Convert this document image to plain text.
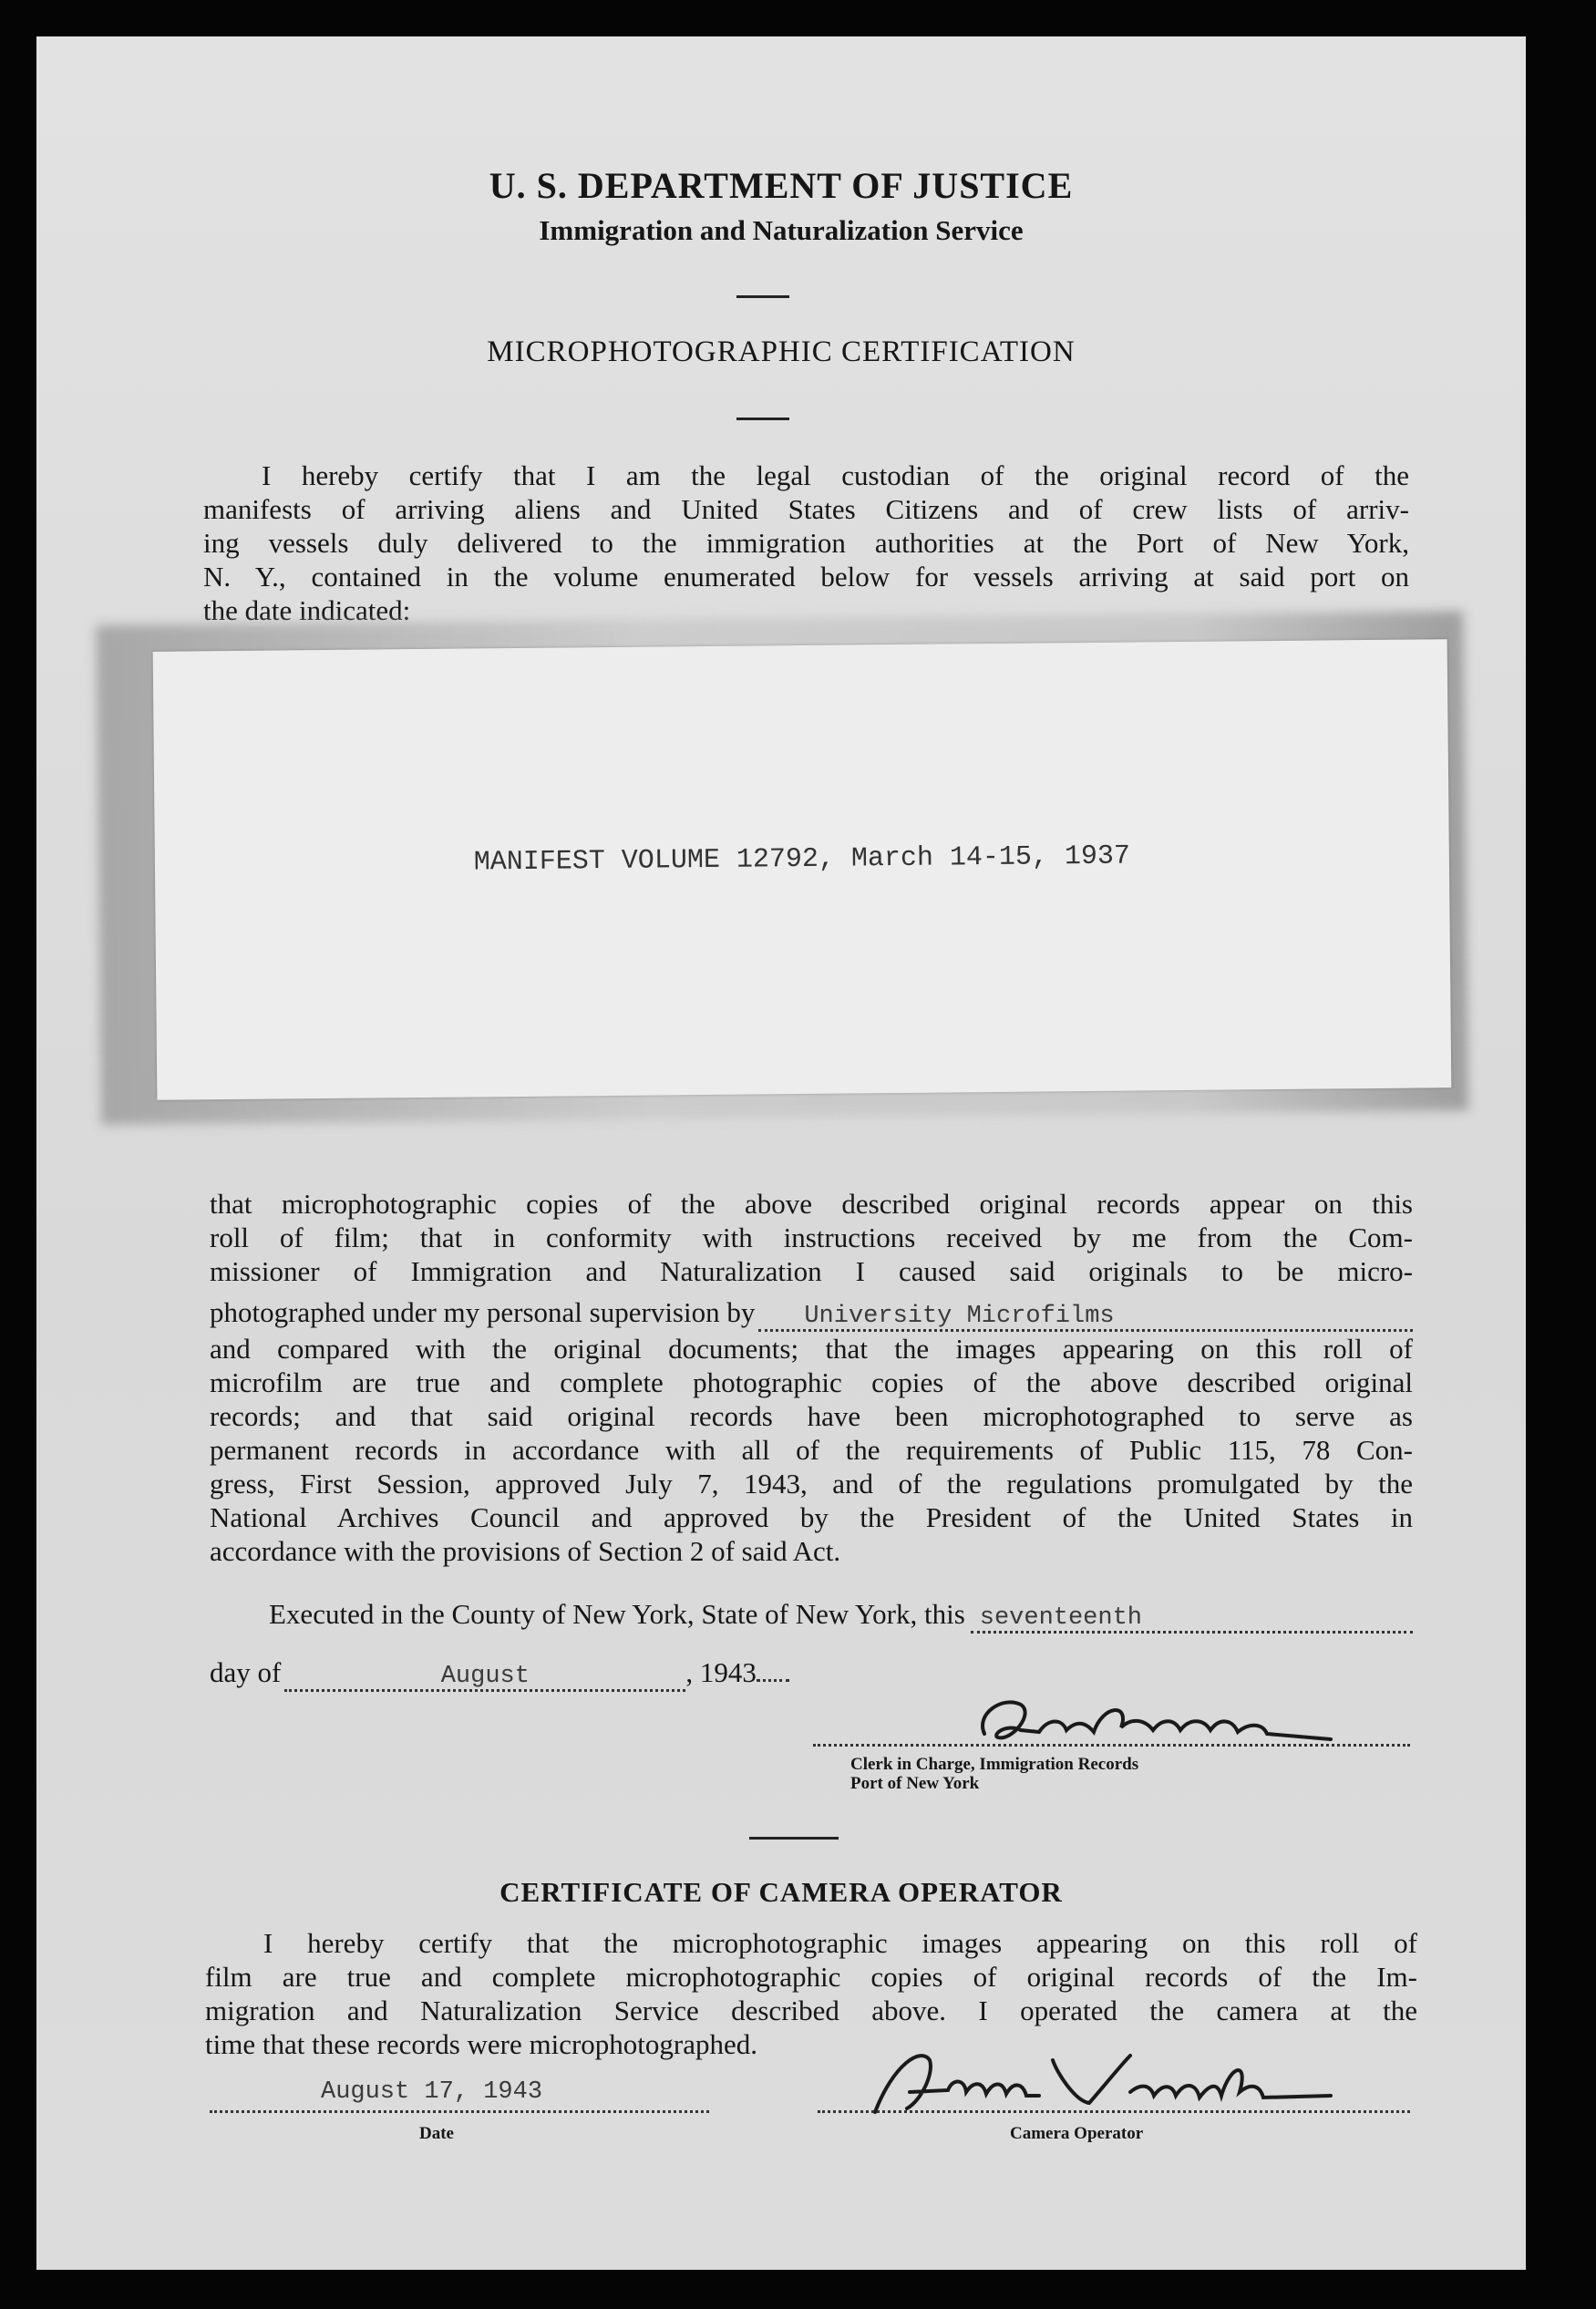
U. S. DEPARTMENT OF JUSTICE
Immigration and Naturalization Service
MICROPHOTOGRAPHIC CERTIFICATION
I hereby certify that I am the legal custodian of the original record of the
manifests of arriving aliens and United States Citizens and of crew lists of arriv-
ing vessels duly delivered to the immigration authorities at the Port of New York,
N. Y., contained in the volume enumerated below for vessels arriving at said port on
the date indicated:
MANIFEST VOLUME 12792, March 14-15, 1937
that microphotographic copies of the above described original records appear on this
roll of film; that in conformity with instructions received by me from the Com-
missioner of Immigration and Naturalization I caused said originals to be micro-
photographed under my personal supervision by	University Microfilms
and compared with the original documents; that the images appearing on this roll of
microfilm are true and complete photographic copies of the above described original
records; and that said original records have been microphotographed to serve as
permanent records in accordance with all of the requirements of Public 115, 78 Con-
gress, First Session, approved July 7, 1943, and of the regulations promulgated by the
National Archives Council and approved by the President of the United States in
accordance with the provisions of Section 2 of said Act.
Executed in the County of New York, State of New York, this seventeenth
day of	August	, 1943
Clerk in Charge, Immigration Records
Port of New York
CERTIFICATE OF CAMERA OPERATOR
I hereby certify that the microphotographic images appearing on this roll of
film are true and complete microphotographic copies of original records of the Im-
migration and Naturalization Service described above. I operated the camera at the
time that these records were microphotographed.
August 17, 1943
Date	Camera Operator
